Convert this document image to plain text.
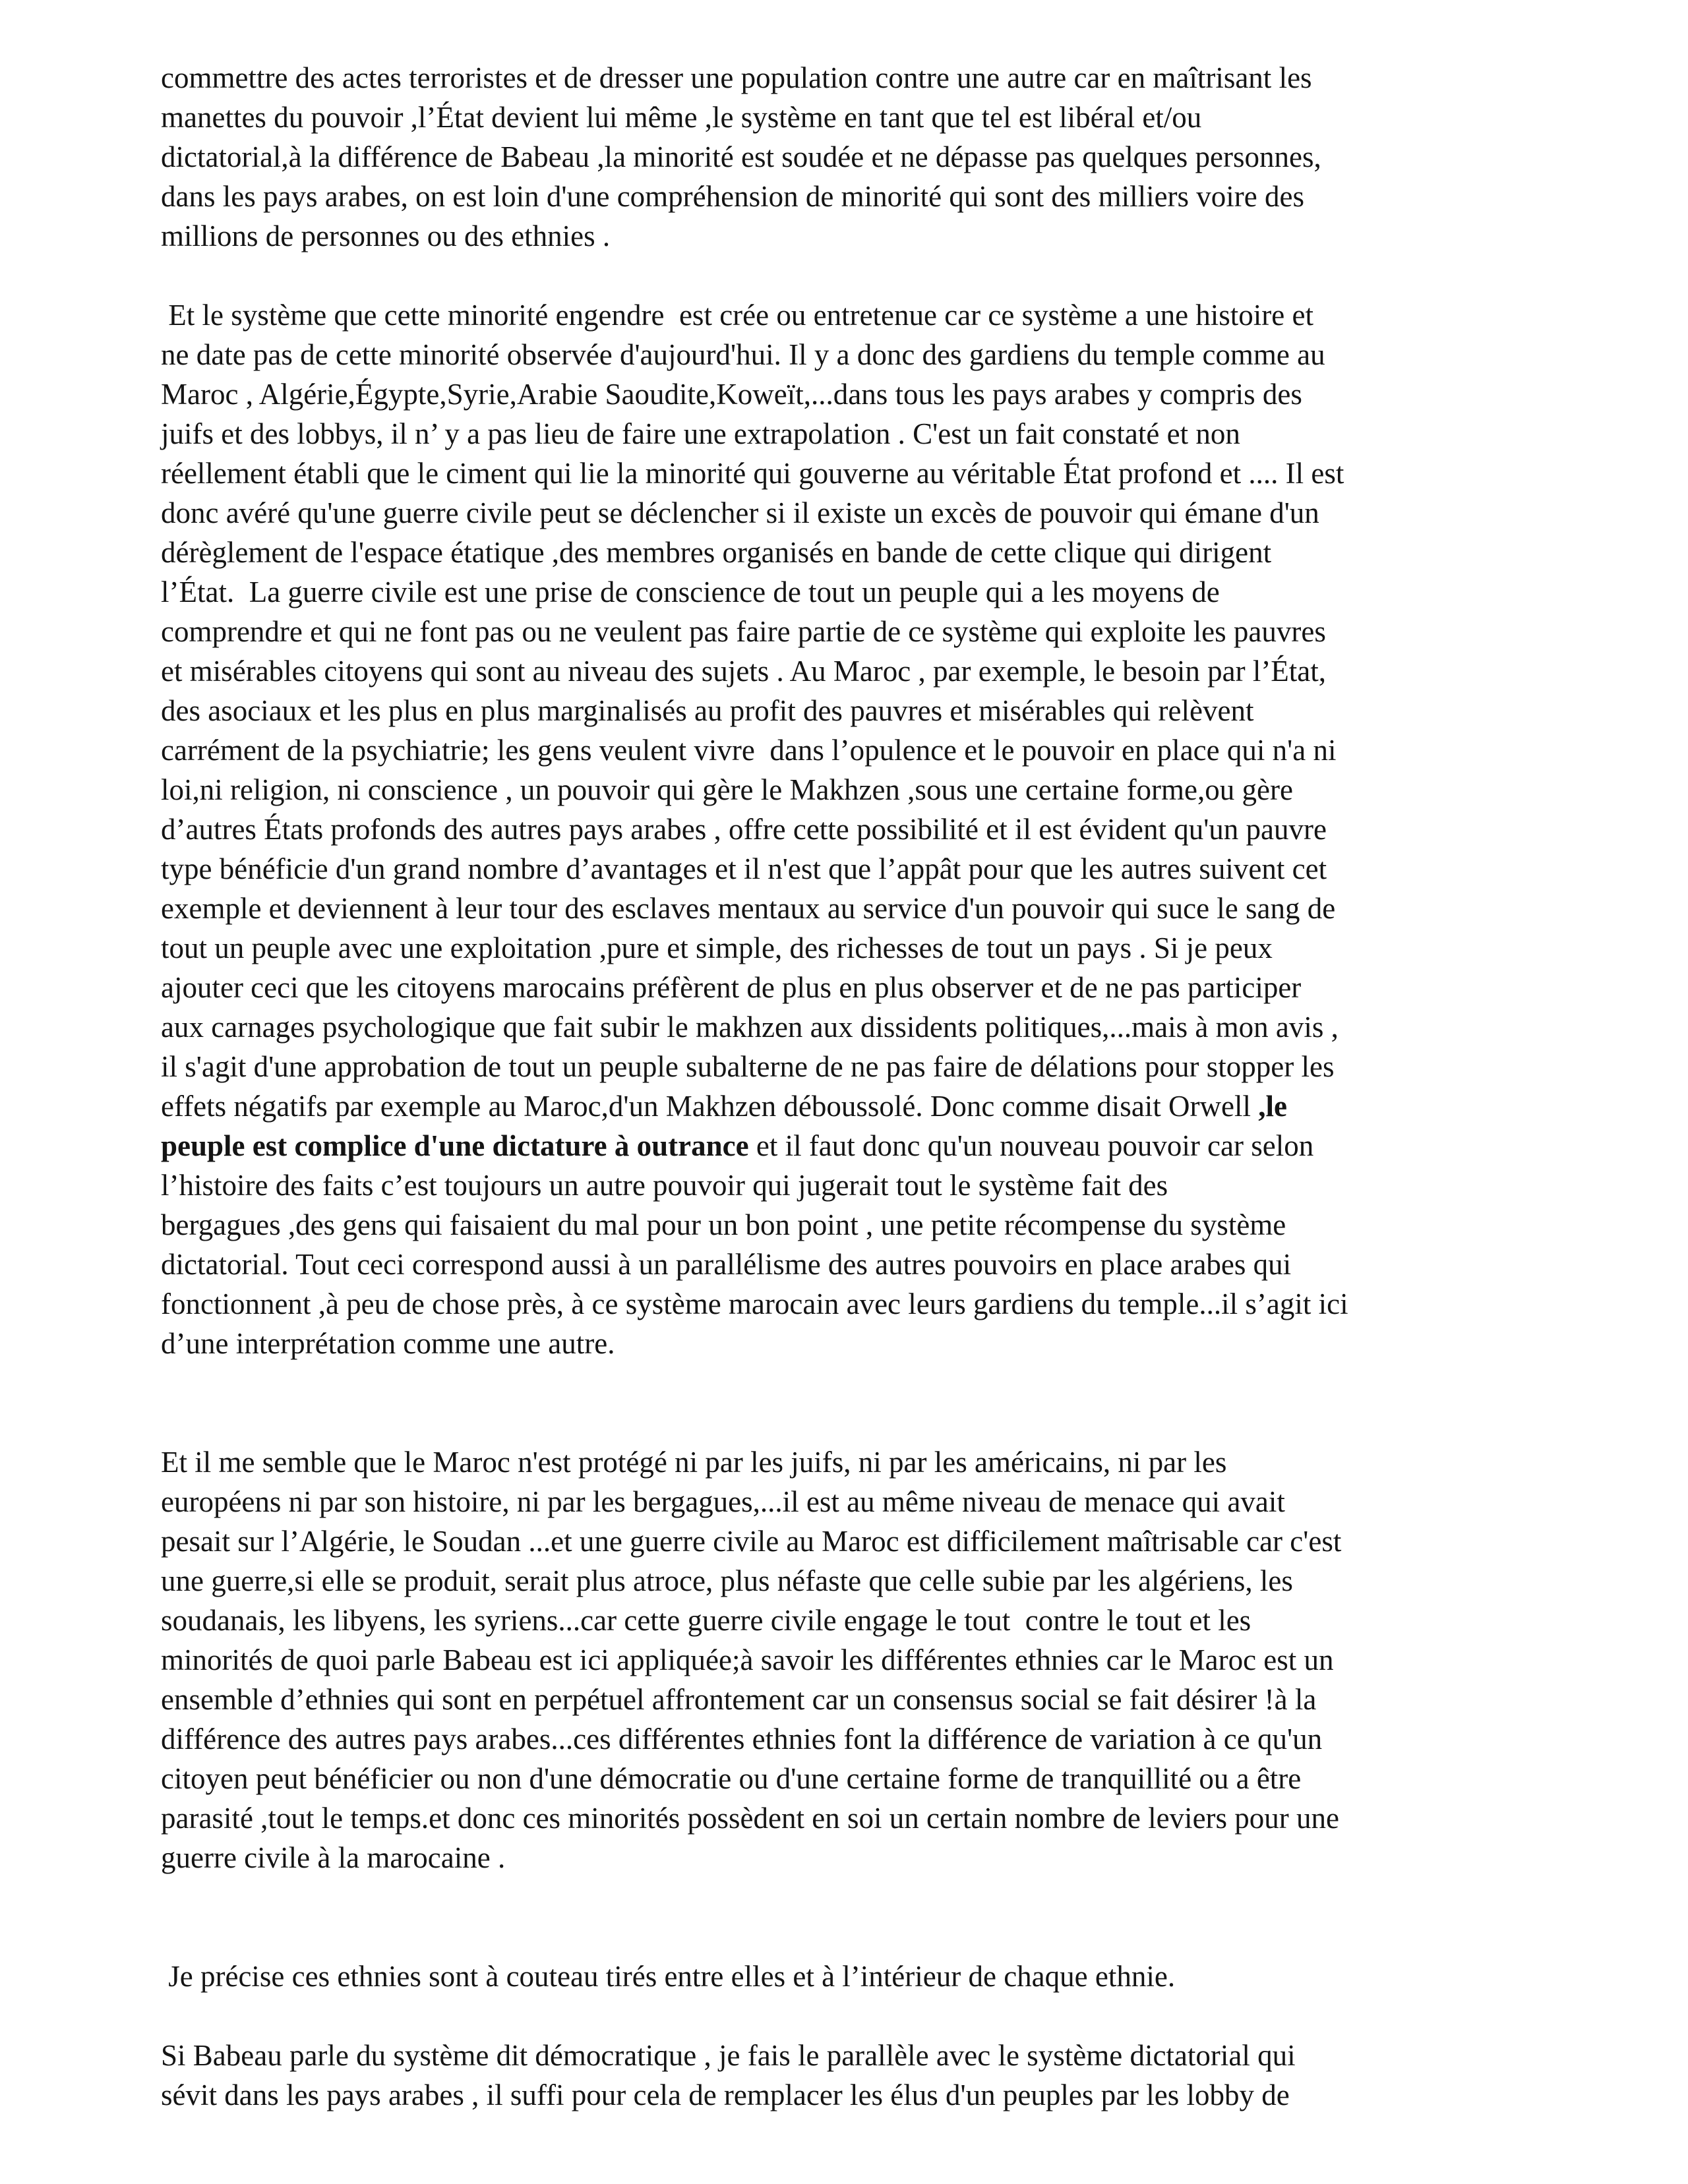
commettre des actes terroristes et de dresser une population contre une autre car en maîtrisant les
manettes du pouvoir ,l’État devient lui même ,le système en tant que tel est libéral et/ou
dictatorial,à la différence de Babeau ,la minorité est soudée et ne dépasse pas quelques personnes,
dans les pays arabes, on est loin d'une compréhension de minorité qui sont des milliers voire des
millions de personnes ou des ethnies .

Et le système que cette minorité engendre  est crée ou entretenue car ce système a une histoire et
ne date pas de cette minorité observée d'aujourd'hui. Il y a donc des gardiens du temple comme au
Maroc , Algérie,Égypte,Syrie,Arabie Saoudite,Koweït,...dans tous les pays arabes y compris des
juifs et des lobbys, il n’ y a pas lieu de faire une extrapolation . C'est un fait constaté et non
réellement établi que le ciment qui lie la minorité qui gouverne au véritable État profond et .... Il est
donc avéré qu'une guerre civile peut se déclencher si il existe un excès de pouvoir qui émane d'un
dérèglement de l'espace étatique ,des membres organisés en bande de cette clique qui dirigent
l’État.  La guerre civile est une prise de conscience de tout un peuple qui a les moyens de
comprendre et qui ne font pas ou ne veulent pas faire partie de ce système qui exploite les pauvres
et misérables citoyens qui sont au niveau des sujets . Au Maroc , par exemple, le besoin par l’État,
des asociaux et les plus en plus marginalisés au profit des pauvres et misérables qui relèvent
carrément de la psychiatrie; les gens veulent vivre  dans l’opulence et le pouvoir en place qui n'a ni
loi,ni religion, ni conscience , un pouvoir qui gère le Makhzen ,sous une certaine forme,ou gère
d’autres États profonds des autres pays arabes , offre cette possibilité et il est évident qu'un pauvre
type bénéficie d'un grand nombre d’avantages et il n'est que l’appât pour que les autres suivent cet
exemple et deviennent à leur tour des esclaves mentaux au service d'un pouvoir qui suce le sang de
tout un peuple avec une exploitation ,pure et simple, des richesses de tout un pays . Si je peux
ajouter ceci que les citoyens marocains préfèrent de plus en plus observer et de ne pas participer
aux carnages psychologique que fait subir le makhzen aux dissidents politiques,...mais à mon avis ,
il s'agit d'une approbation de tout un peuple subalterne de ne pas faire de délations pour stopper les
effets négatifs par exemple au Maroc,d'un Makhzen déboussolé. Donc comme disait Orwell ,le
peuple est complice d'une dictature à outrance et il faut donc qu'un nouveau pouvoir car selon
l’histoire des faits c’est toujours un autre pouvoir qui jugerait tout le système fait des
bergagues ,des gens qui faisaient du mal pour un bon point , une petite récompense du système
dictatorial. Tout ceci correspond aussi à un parallélisme des autres pouvoirs en place arabes qui
fonctionnent ,à peu de chose près, à ce système marocain avec leurs gardiens du temple...il s’agit ici
d’une interprétation comme une autre.

Et il me semble que le Maroc n'est protégé ni par les juifs, ni par les américains, ni par les
européens ni par son histoire, ni par les bergagues,...il est au même niveau de menace qui avait
pesait sur l’Algérie, le Soudan ...et une guerre civile au Maroc est difficilement maîtrisable car c'est
une guerre,si elle se produit, serait plus atroce, plus néfaste que celle subie par les algériens, les
soudanais, les libyens, les syriens...car cette guerre civile engage le tout  contre le tout et les
minorités de quoi parle Babeau est ici appliquée;à savoir les différentes ethnies car le Maroc est un
ensemble d’ethnies qui sont en perpétuel affrontement car un consensus social se fait désirer !à la
différence des autres pays arabes...ces différentes ethnies font la différence de variation à ce qu'un
citoyen peut bénéficier ou non d'une démocratie ou d'une certaine forme de tranquillité ou a être
parasité ,tout le temps.et donc ces minorités possèdent en soi un certain nombre de leviers pour une
guerre civile à la marocaine .

Je précise ces ethnies sont à couteau tirés entre elles et à l’intérieur de chaque ethnie.

Si Babeau parle du système dit démocratique , je fais le parallèle avec le système dictatorial qui
sévit dans les pays arabes , il suffi pour cela de remplacer les élus d'un peuples par les lobby de
